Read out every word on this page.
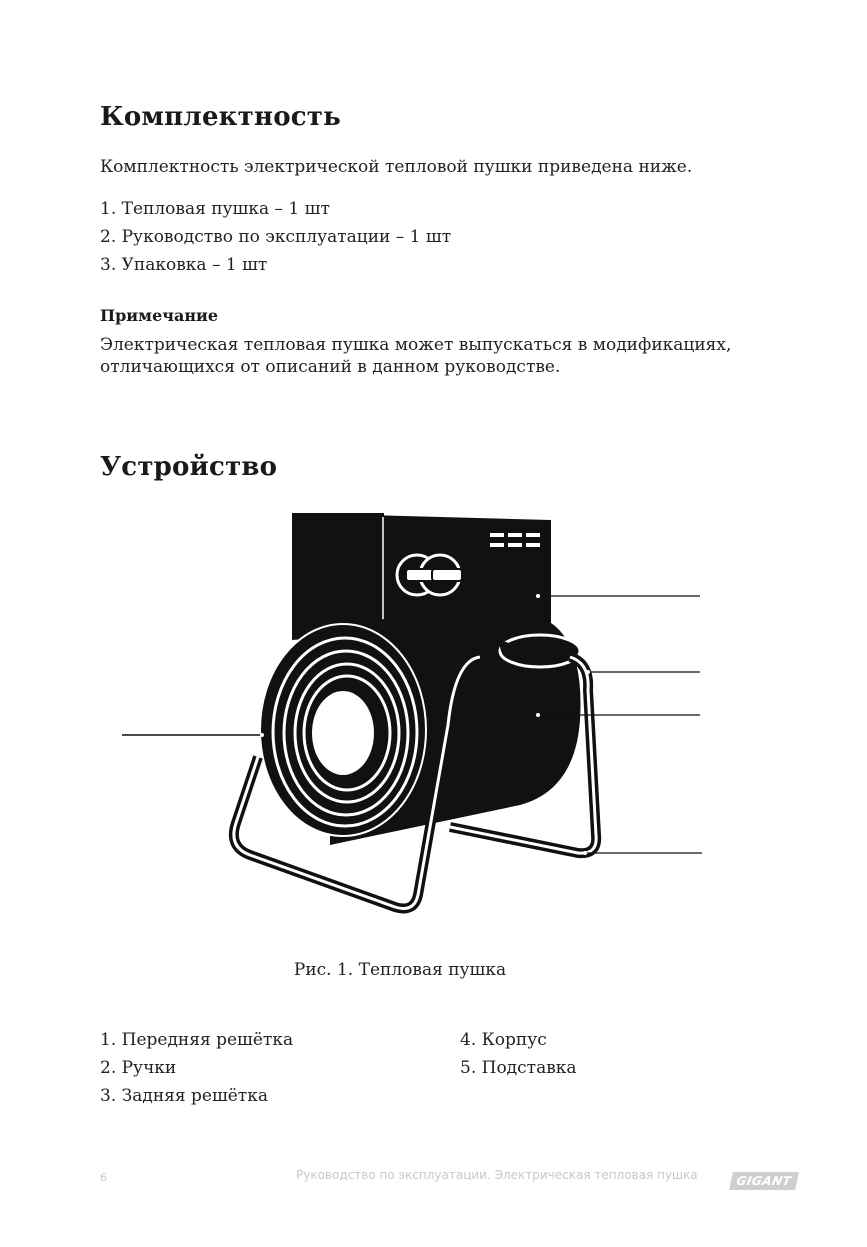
Комплектность

Комплектность электрической тепловой пушки приведена ниже.

1. Тепловая пушка – 1 шт
2. Руководство по эксплуатации – 1 шт
3. Упаковка – 1 шт

Примечание

Электрическая тепловая пушка может выпускаться в модификациях, отличающихся от описаний в данном руководстве.

Устройство
Рис. 1. Тепловая пушка
1. Передняя решётка
2. Ручки
3. Задняя решётка
4. Корпус
5. Подставка
6	Руководство по эксплуатации. Электрическая тепловая пушка	GIGANT
